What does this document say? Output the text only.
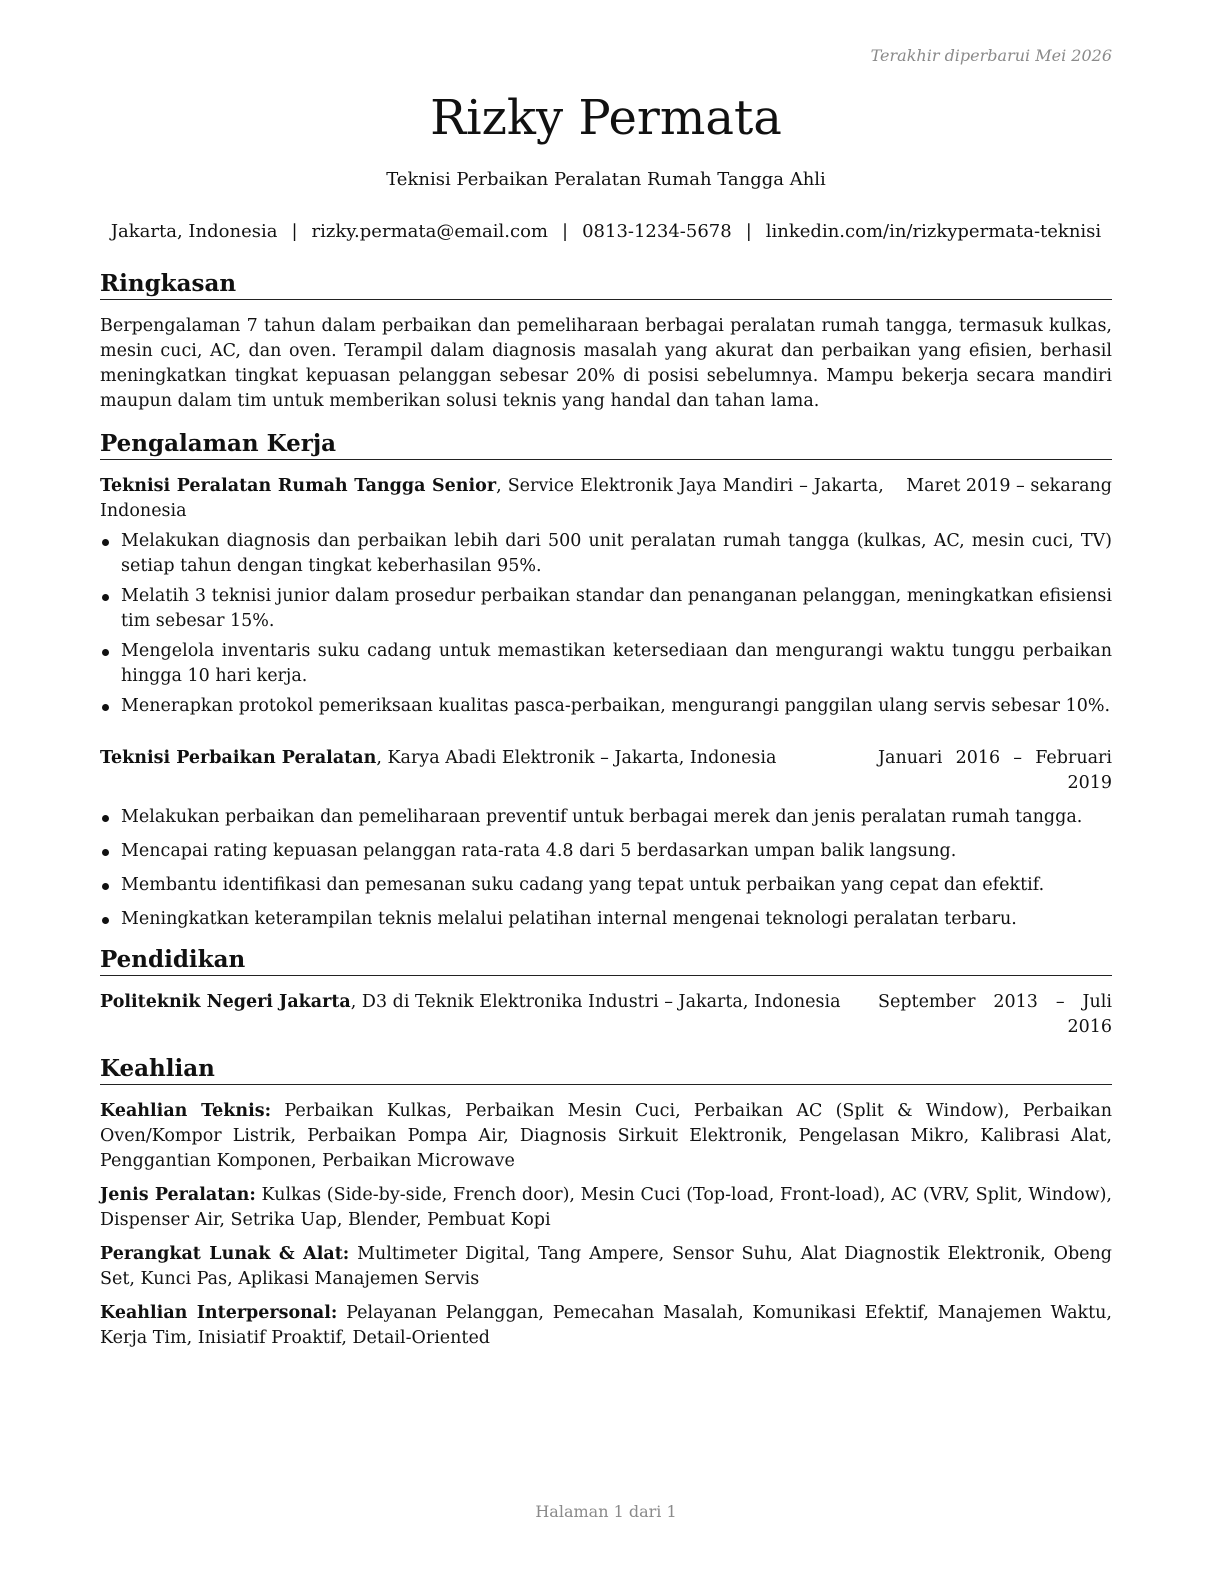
Terakhir diperbarui Mei 2026
Rizky Permata
Teknisi Perbaikan Peralatan Rumah Tangga Ahli
Jakarta, Indonesia | rizky.permata@email.com | 0813-1234-5678 | linkedin.com/in/rizkypermata-teknisi
Ringkasan

Berpengalaman 7 tahun dalam perbaikan dan pemeliharaan berbagai peralatan rumah tangga, termasuk kulkas, mesin cuci, AC, dan oven. Terampil dalam diagnosis masalah yang akurat dan perbaikan yang efisien, berhasil meningkatkan tingkat kepuasan pelanggan sebesar 20% di posisi sebelumnya. Mampu bekerja secara mandiri maupun dalam tim untuk memberikan solusi teknis yang handal dan tahan lama.

Pengalaman Kerja
Teknisi Peralatan Rumah Tangga Senior, Service Elektronik Jaya Mandiri – Jakarta, Indonesia
Maret 2019 – sekarang
Melakukan diagnosis dan perbaikan lebih dari 500 unit peralatan rumah tangga (kulkas, AC, mesin cuci, TV) setiap tahun dengan tingkat keberhasilan 95%.
Melatih 3 teknisi junior dalam prosedur perbaikan standar dan penanganan pelanggan, meningkatkan efisiensi tim sebesar 15%.
Mengelola inventaris suku cadang untuk memastikan ketersediaan dan mengurangi waktu tunggu perbaikan hingga 10 hari kerja.
Menerapkan protokol pemeriksaan kualitas pasca-perbaikan, mengurangi panggilan ulang servis sebesar 10%.
Teknisi Perbaikan Peralatan, Karya Abadi Elektronik – Jakarta, Indonesia	Januari 2016 – Februari 2019
Melakukan perbaikan dan pemeliharaan preventif untuk berbagai merek dan jenis peralatan rumah tangga.
Mencapai rating kepuasan pelanggan rata-rata 4.8 dari 5 berdasarkan umpan balik langsung.
Membantu identifikasi dan pemesanan suku cadang yang tepat untuk perbaikan yang cepat dan efektif.
Meningkatkan keterampilan teknis melalui pelatihan internal mengenai teknologi peralatan terbaru.
Pendidikan
Politeknik Negeri Jakarta, D3 di Teknik Elektronika Industri – Jakarta, Indonesia	September 2013 – Juli 2016
Keahlian

Keahlian Teknis: Perbaikan Kulkas, Perbaikan Mesin Cuci, Perbaikan AC (Split & Window), Perbaikan Oven/Kompor Listrik, Perbaikan Pompa Air, Diagnosis Sirkuit Elektronik, Pengelasan Mikro, Kalibrasi Alat, Penggantian Komponen, Perbaikan Microwave

Jenis Peralatan: Kulkas (Side-by-side, French door), Mesin Cuci (Top-load, Front-load), AC (VRV, Split, Window), Dispenser Air, Setrika Uap, Blender, Pembuat Kopi

Perangkat Lunak & Alat: Multimeter Digital, Tang Ampere, Sensor Suhu, Alat Diagnostik Elektronik, Obeng Set, Kunci Pas, Aplikasi Manajemen Servis

Keahlian Interpersonal: Pelayanan Pelanggan, Pemecahan Masalah, Komunikasi Efektif, Manajemen Waktu, Kerja Tim, Inisiatif Proaktif, Detail-Oriented

Halaman 1 dari 1
